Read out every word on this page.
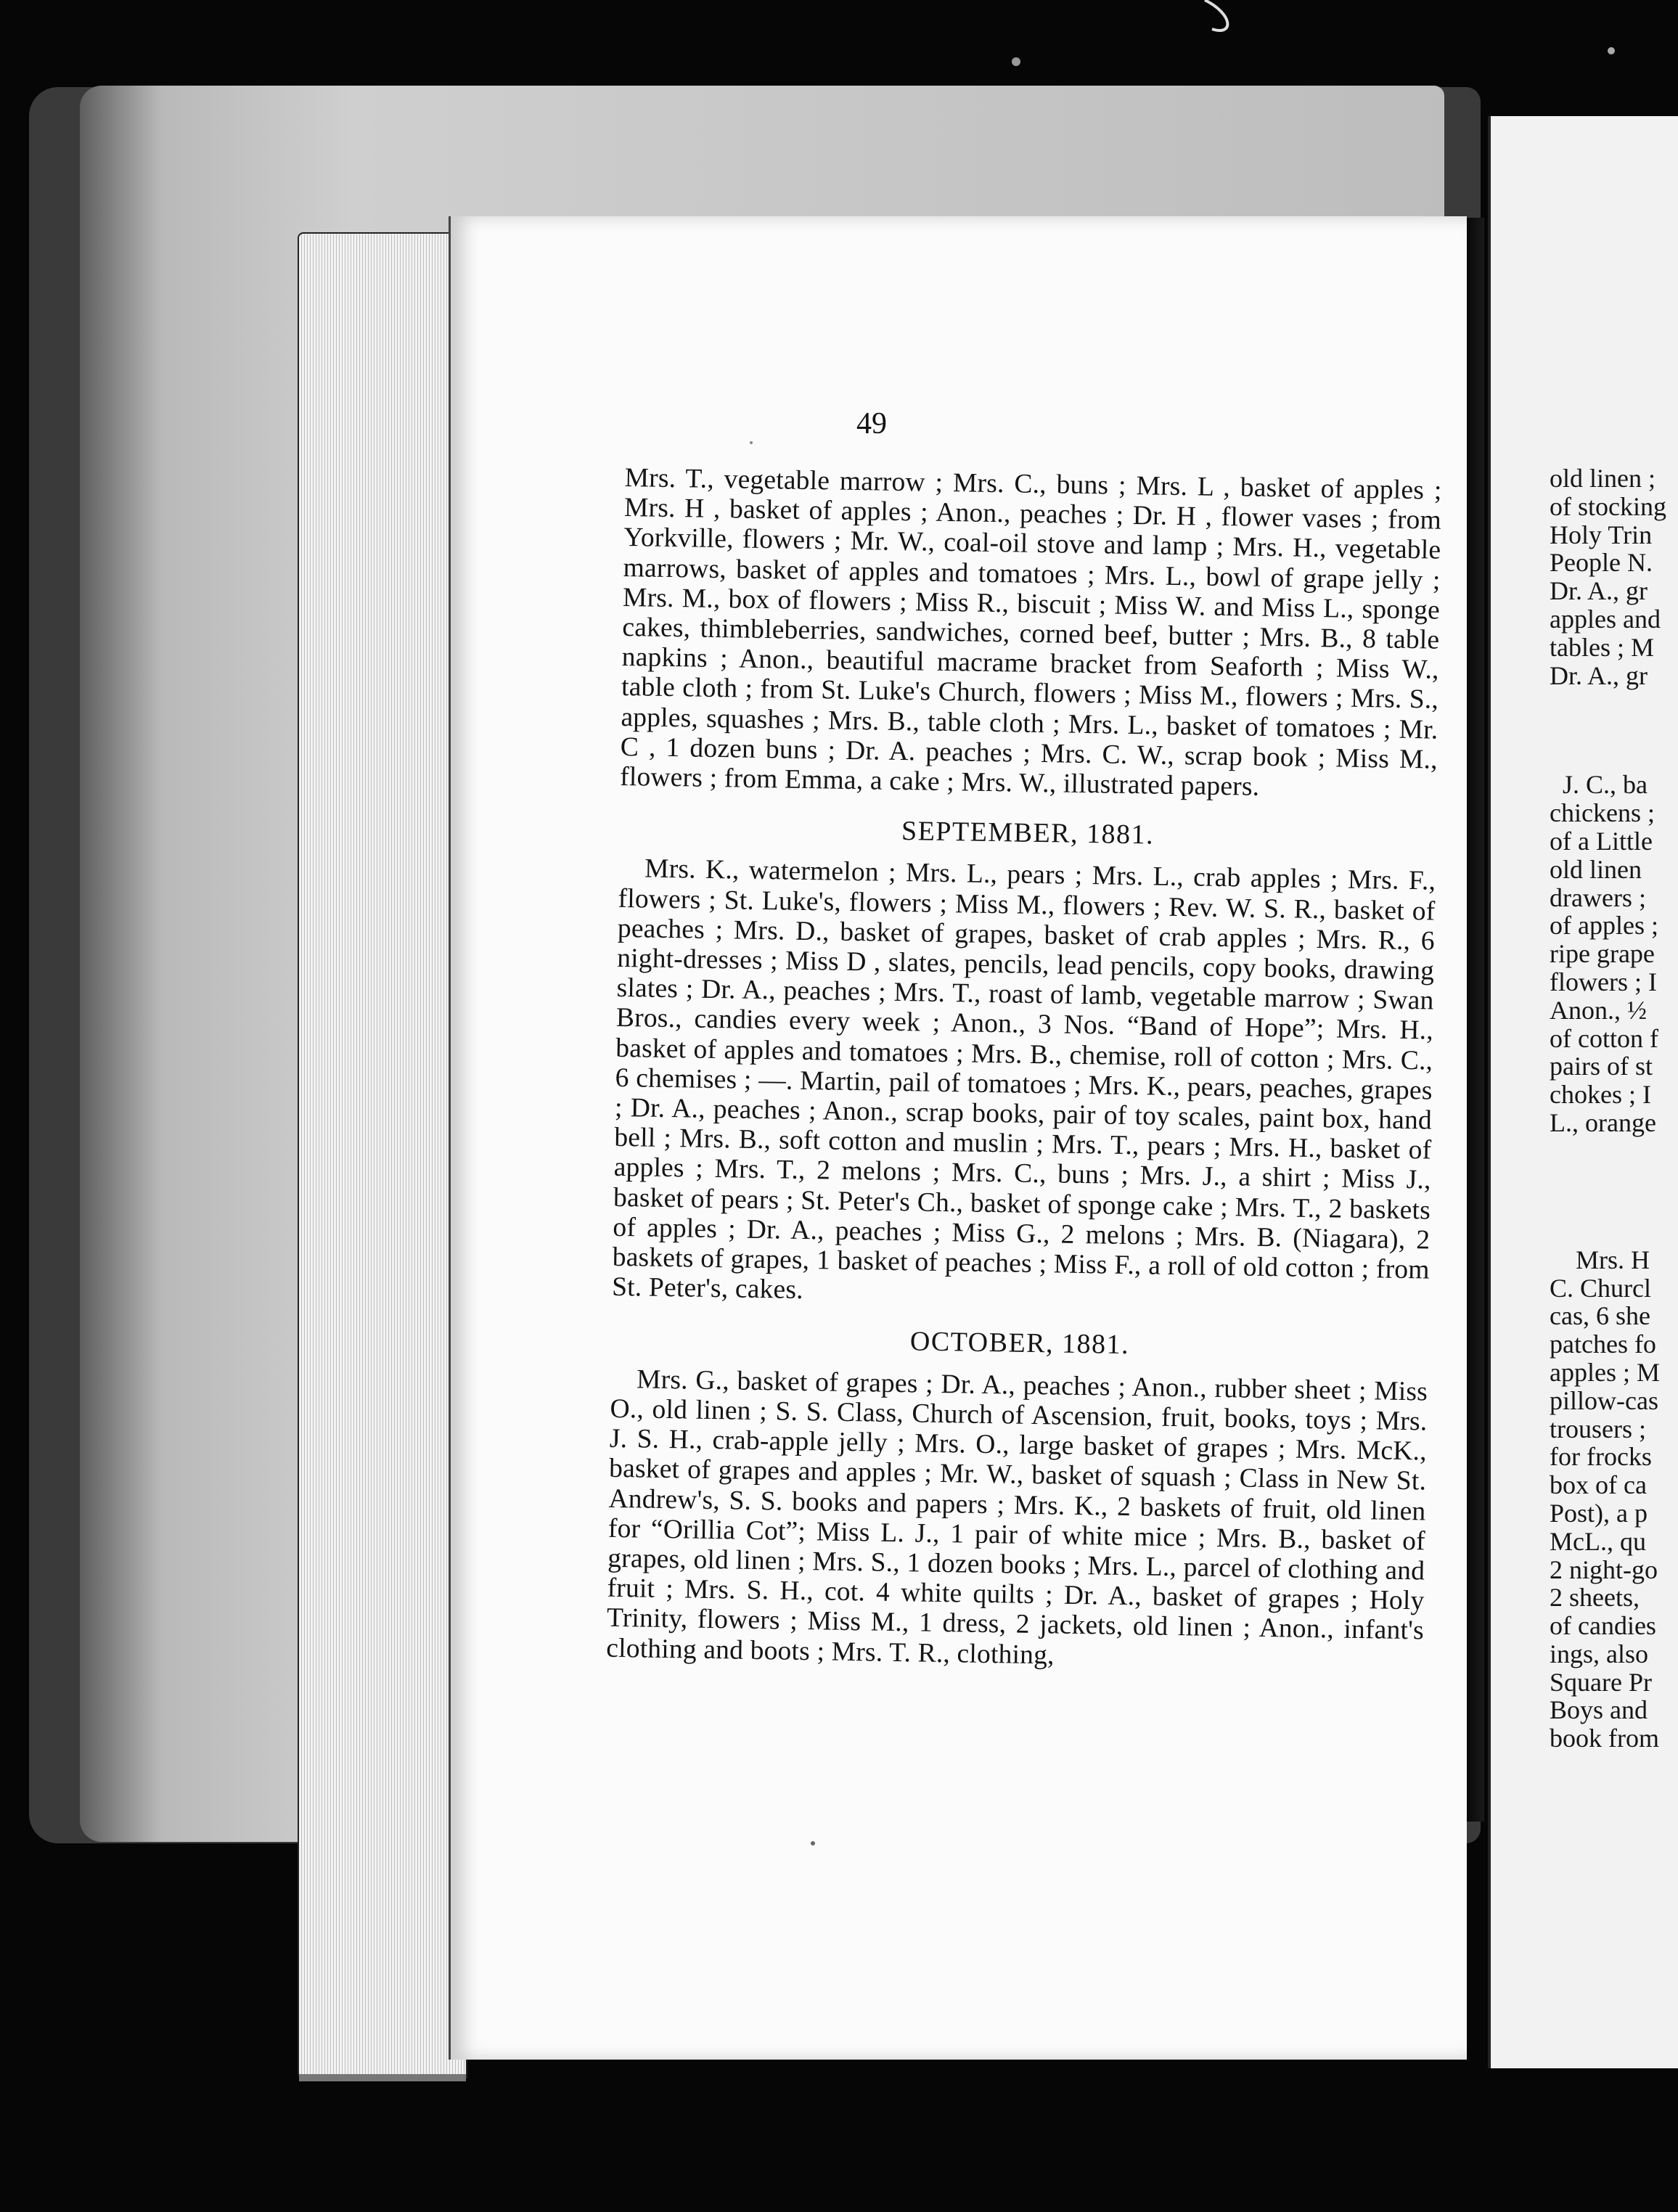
49

Mrs. T., vegetable marrow ; Mrs. C., buns ; Mrs. L , basket of apples ; Mrs. H , basket of apples ; Anon., peaches ; Dr. H , flower vases ; from Yorkville, flowers ; Mr. W., coal-oil stove and lamp ; Mrs. H., vegetable marrows, basket of apples and tomatoes ; Mrs. L., bowl of grape jelly ; Mrs. M., box of flowers ; Miss R., biscuit ; Miss W. and Miss L., sponge cakes, thimbleberries, sandwiches, corned beef, butter ; Mrs. B., 8 table napkins ; Anon., beautiful macrame bracket from Seaforth ; Miss W., table cloth ; from St. Luke's Church, flowers ; Miss M., flowers ; Mrs. S., apples, squashes ; Mrs. B., table cloth ; Mrs. L., basket of tomatoes ; Mr. C , 1 dozen buns ; Dr. A. peaches ; Mrs. C. W., scrap book ; Miss M., flowers ; from Emma, a cake ; Mrs. W., illustrated papers.

SEPTEMBER, 1881.

Mrs. K., watermelon ; Mrs. L., pears ; Mrs. L., crab apples ; Mrs. F., flowers ; St. Luke's, flowers ; Miss M., flowers ; Rev. W. S. R., basket of peaches ; Mrs. D., basket of grapes, basket of crab apples ; Mrs. R., 6 night-dresses ; Miss D , slates, pencils, lead pencils, copy books, drawing slates ; Dr. A., peaches ; Mrs. T., roast of lamb, vegetable marrow ; Swan Bros., candies every week ; Anon., 3 Nos. “Band of Hope”; Mrs. H., basket of apples and tomatoes ; Mrs. B., chemise, roll of cotton ; Mrs. C., 6 chemises ; —. Martin, pail of tomatoes ; Mrs. K., pears, peaches, grapes ; Dr. A., peaches ; Anon., scrap books, pair of toy scales, paint box, hand bell ; Mrs. B., soft cotton and muslin ; Mrs. T., pears ; Mrs. H., basket of apples ; Mrs. T., 2 melons ; Mrs. C., buns ; Mrs. J., a shirt ; Miss J., basket of pears ; St. Peter's Ch., basket of sponge cake ; Mrs. T., 2 baskets of apples ; Dr. A., peaches ; Miss G., 2 melons ; Mrs. B. (Niagara), 2 baskets of grapes, 1 basket of peaches ; Miss F., a roll of old cotton ; from St. Peter's, cakes.

OCTOBER, 1881.

Mrs. G., basket of grapes ; Dr. A., peaches ; Anon., rubber sheet ; Miss O., old linen ; S. S. Class, Church of Ascension, fruit, books, toys ; Mrs. J. S. H., crab-apple jelly ; Mrs. O., large basket of grapes ; Mrs. McK., basket of grapes and apples ; Mr. W., basket of squash ; Class in New St. Andrew's, S. S. books and papers ; Mrs. K., 2 baskets of fruit, old linen for “Orillia Cot”; Miss L. J., 1 pair of white mice ; Mrs. B., basket of grapes, old linen ; Mrs. S., 1 dozen books ; Mrs. L., parcel of clothing and fruit ; Mrs. S. H., cot. 4 white quilts ; Dr. A., basket of grapes ; Holy Trinity, flowers ; Miss M., 1 dress, 2 jackets, old linen ; Anon., infant's clothing and boots ; Mrs. T. R., clothing,

old linen ;
of stocking
Holy Trin
People N.
Dr. A., gr
apples and
tables ; M
Dr. A., gr
J. C., ba
chickens ;
of a Little
old linen
drawers ;
of apples ;
ripe grape
flowers ; I
Anon., ½
of cotton f
pairs of st
chokes ; I
L., orange
Mrs. H
C. Churcl
cas, 6 she
patches fo
apples ; M
pillow-cas
trousers ;
for frocks
box of ca
Post), a p
McL., qu
2 night-go
2 sheets,
of candies
ings, also
Square Pr
Boys and
book from
